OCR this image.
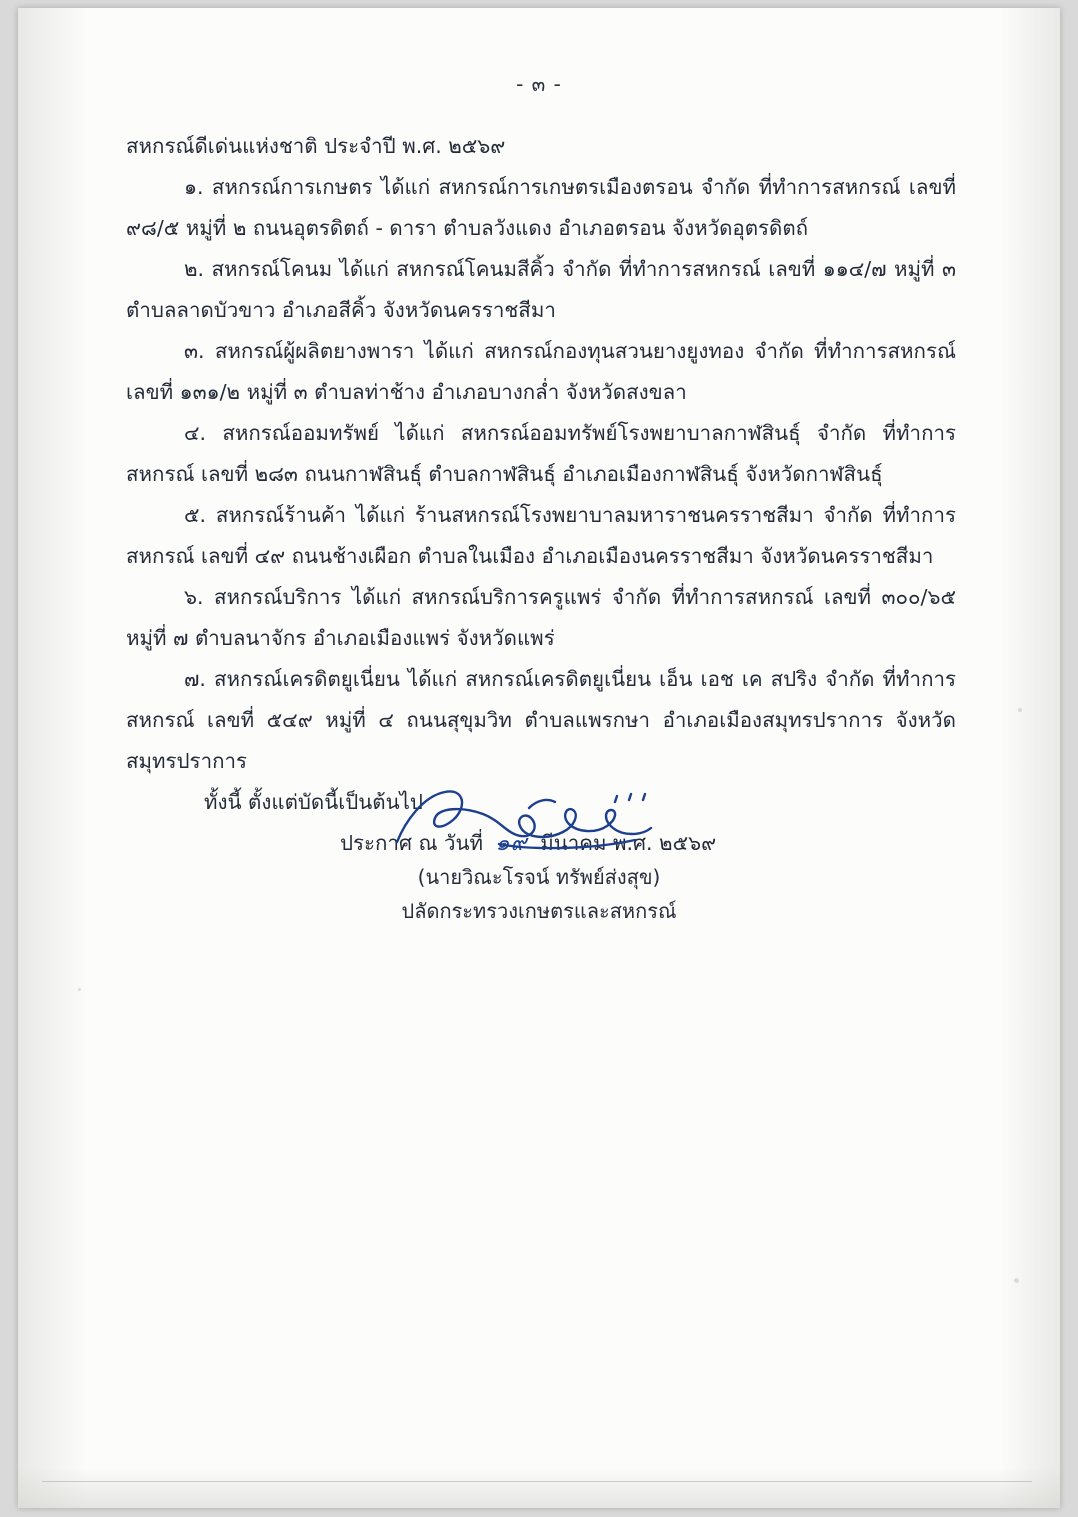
- ๓ -

สหกรณ์ดีเด่นแห่งชาติ ประจำปี พ.ศ. ๒๕๖๙

๑. สหกรณ์การเกษตร ได้แก่ สหกรณ์การเกษตรเมืองตรอน จำกัด ที่ทำการสหกรณ์ เลขที่ ๙๘/๕ หมู่ที่ ๒ ถนนอุตรดิตถ์ - ดารา ตำบลวังแดง อำเภอตรอน จังหวัดอุตรดิตถ์

๒. สหกรณ์โคนม ได้แก่ สหกรณ์โคนมสีคิ้ว จำกัด ที่ทำการสหกรณ์ เลขที่ ๑๑๔/๗ หมู่ที่ ๓ ตำบลลาดบัวขาว อำเภอสีคิ้ว จังหวัดนครราชสีมา

๓. สหกรณ์ผู้ผลิตยางพารา ได้แก่ สหกรณ์กองทุนสวนยางยูงทอง จำกัด ที่ทำการสหกรณ์ เลขที่ ๑๓๑/๒ หมู่ที่ ๓ ตำบลท่าช้าง อำเภอบางกล่ำ จังหวัดสงขลา

๔. สหกรณ์ออมทรัพย์ ได้แก่ สหกรณ์ออมทรัพย์โรงพยาบาลกาฬสินธุ์ จำกัด ที่ทำการสหกรณ์ เลขที่ ๒๘๓ ถนนกาฬสินธุ์ ตำบลกาฬสินธุ์ อำเภอเมืองกาฬสินธุ์ จังหวัดกาฬสินธุ์

๕. สหกรณ์ร้านค้า ได้แก่ ร้านสหกรณ์โรงพยาบาลมหาราชนครราชสีมา จำกัด ที่ทำการสหกรณ์ เลขที่ ๔๙ ถนนช้างเผือก ตำบลในเมือง อำเภอเมืองนครราชสีมา จังหวัดนครราชสีมา

๖. สหกรณ์บริการ ได้แก่ สหกรณ์บริการครูแพร่ จำกัด ที่ทำการสหกรณ์ เลขที่ ๓๐๐/๖๕ หมู่ที่ ๗ ตำบลนาจักร อำเภอเมืองแพร่ จังหวัดแพร่

๗. สหกรณ์เครดิตยูเนี่ยน ได้แก่ สหกรณ์เครดิตยูเนี่ยน เอ็น เอช เค สปริง จำกัด ที่ทำการสหกรณ์ เลขที่ ๕๔๙ หมู่ที่ ๔ ถนนสุขุมวิท ตำบลแพรกษา อำเภอเมืองสมุทรปราการ จังหวัดสมุทรปราการ

ทั้งนี้ ตั้งแต่บัดนี้เป็นต้นไป

ประกาศ ณ วันที่ ๑๙ มีนาคม พ.ศ. ๒๕๖๙

(นายวิณะโรจน์ ทรัพย์ส่งสุข)
ปลัดกระทรวงเกษตรและสหกรณ์
